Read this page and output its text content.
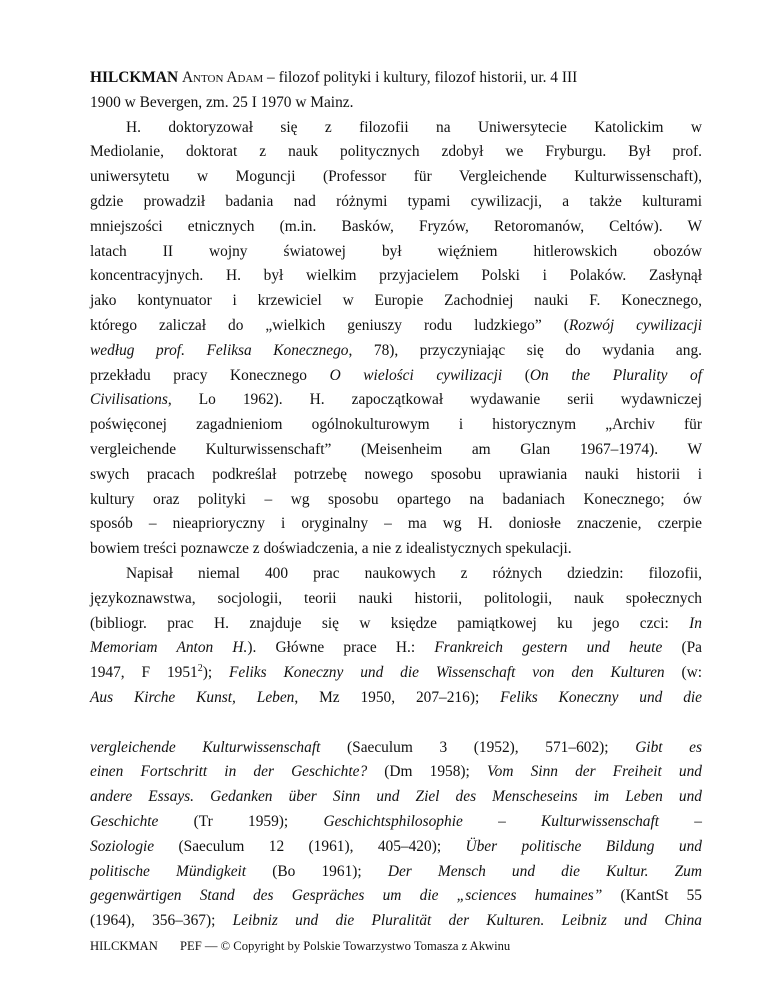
HILCKMAN Anton Adam – filozof polityki i kultury, filozof historii, ur. 4 III
1900 w Bevergen, zm. 25 I 1970 w Mainz.
H. doktoryzował się z filozofii na Uniwersytecie Katolickim w
Mediolanie, doktorat z nauk politycznych zdobył we Fryburgu. Był prof.
uniwersytetu w Moguncji (Professor für Vergleichende Kulturwissenschaft),
gdzie prowadził badania nad różnymi typami cywilizacji, a także kulturami
mniejszości etnicznych (m.in. Basków, Fryzów, Retoromanów, Celtów). W
latach II wojny światowej był więźniem hitlerowskich obozów
koncentracyjnych. H. był wielkim przyjacielem Polski i Polaków. Zasłynął
jako kontynuator i krzewiciel w Europie Zachodniej nauki F. Konecznego,
którego zaliczał do „wielkich geniuszy rodu ludzkiego” (Rozwój cywilizacji
według prof. Feliksa Konecznego, 78), przyczyniając się do wydania ang.
przekładu pracy Konecznego O wielości cywilizacji (On the Plurality of
Civilisations, Lo 1962). H. zapoczątkował wydawanie serii wydawniczej
poświęconej zagadnieniom ogólnokulturowym i historycznym „Archiv für
vergleichende Kulturwissenschaft” (Meisenheim am Glan 1967–1974). W
swych pracach podkreślał potrzebę nowego sposobu uprawiania nauki historii i
kultury oraz polityki – wg sposobu opartego na badaniach Konecznego; ów
sposób – nieaprioryczny i oryginalny – ma wg H. doniosłe znaczenie, czerpie
bowiem treści poznawcze z doświadczenia, a nie z idealistycznych spekulacji.
Napisał niemal 400 prac naukowych z różnych dziedzin: filozofii,
językoznawstwa, socjologii, teorii nauki historii, politologii, nauk społecznych
(bibliogr. prac H. znajduje się w księdze pamiątkowej ku jego czci: In
Memoriam Anton H.). Główne prace H.: Frankreich gestern und heute (Pa
1947, F 1951$^2$); Feliks Koneczny und die Wissenschaft von den Kulturen (w:
Aus Kirche Kunst, Leben, Mz 1950, 207–216); Feliks Koneczny und die
vergleichende Kulturwissenschaft (Saeculum 3 (1952), 571–602); Gibt es
einen Fortschritt in der Geschichte? (Dm 1958); Vom Sinn der Freiheit und
andere Essays. Gedanken über Sinn und Ziel des Menscheseins im Leben und
Geschichte (Tr 1959); Geschichtsphilosophie – Kulturwissenschaft –
Soziologie (Saeculum 12 (1961), 405–420); Über politische Bildung und
politische Mündigkeit (Bo 1961); Der Mensch und die Kultur. Zum
gegenwärtigen Stand des Gespräches um die „sciences humaines” (KantSt 55
(1964), 356–367); Leibniz und die Pluralität der Kulturen. Leibniz und China
HILCKMAN PEF — © Copyright by Polskie Towarzystwo Tomasza z Akwinu
